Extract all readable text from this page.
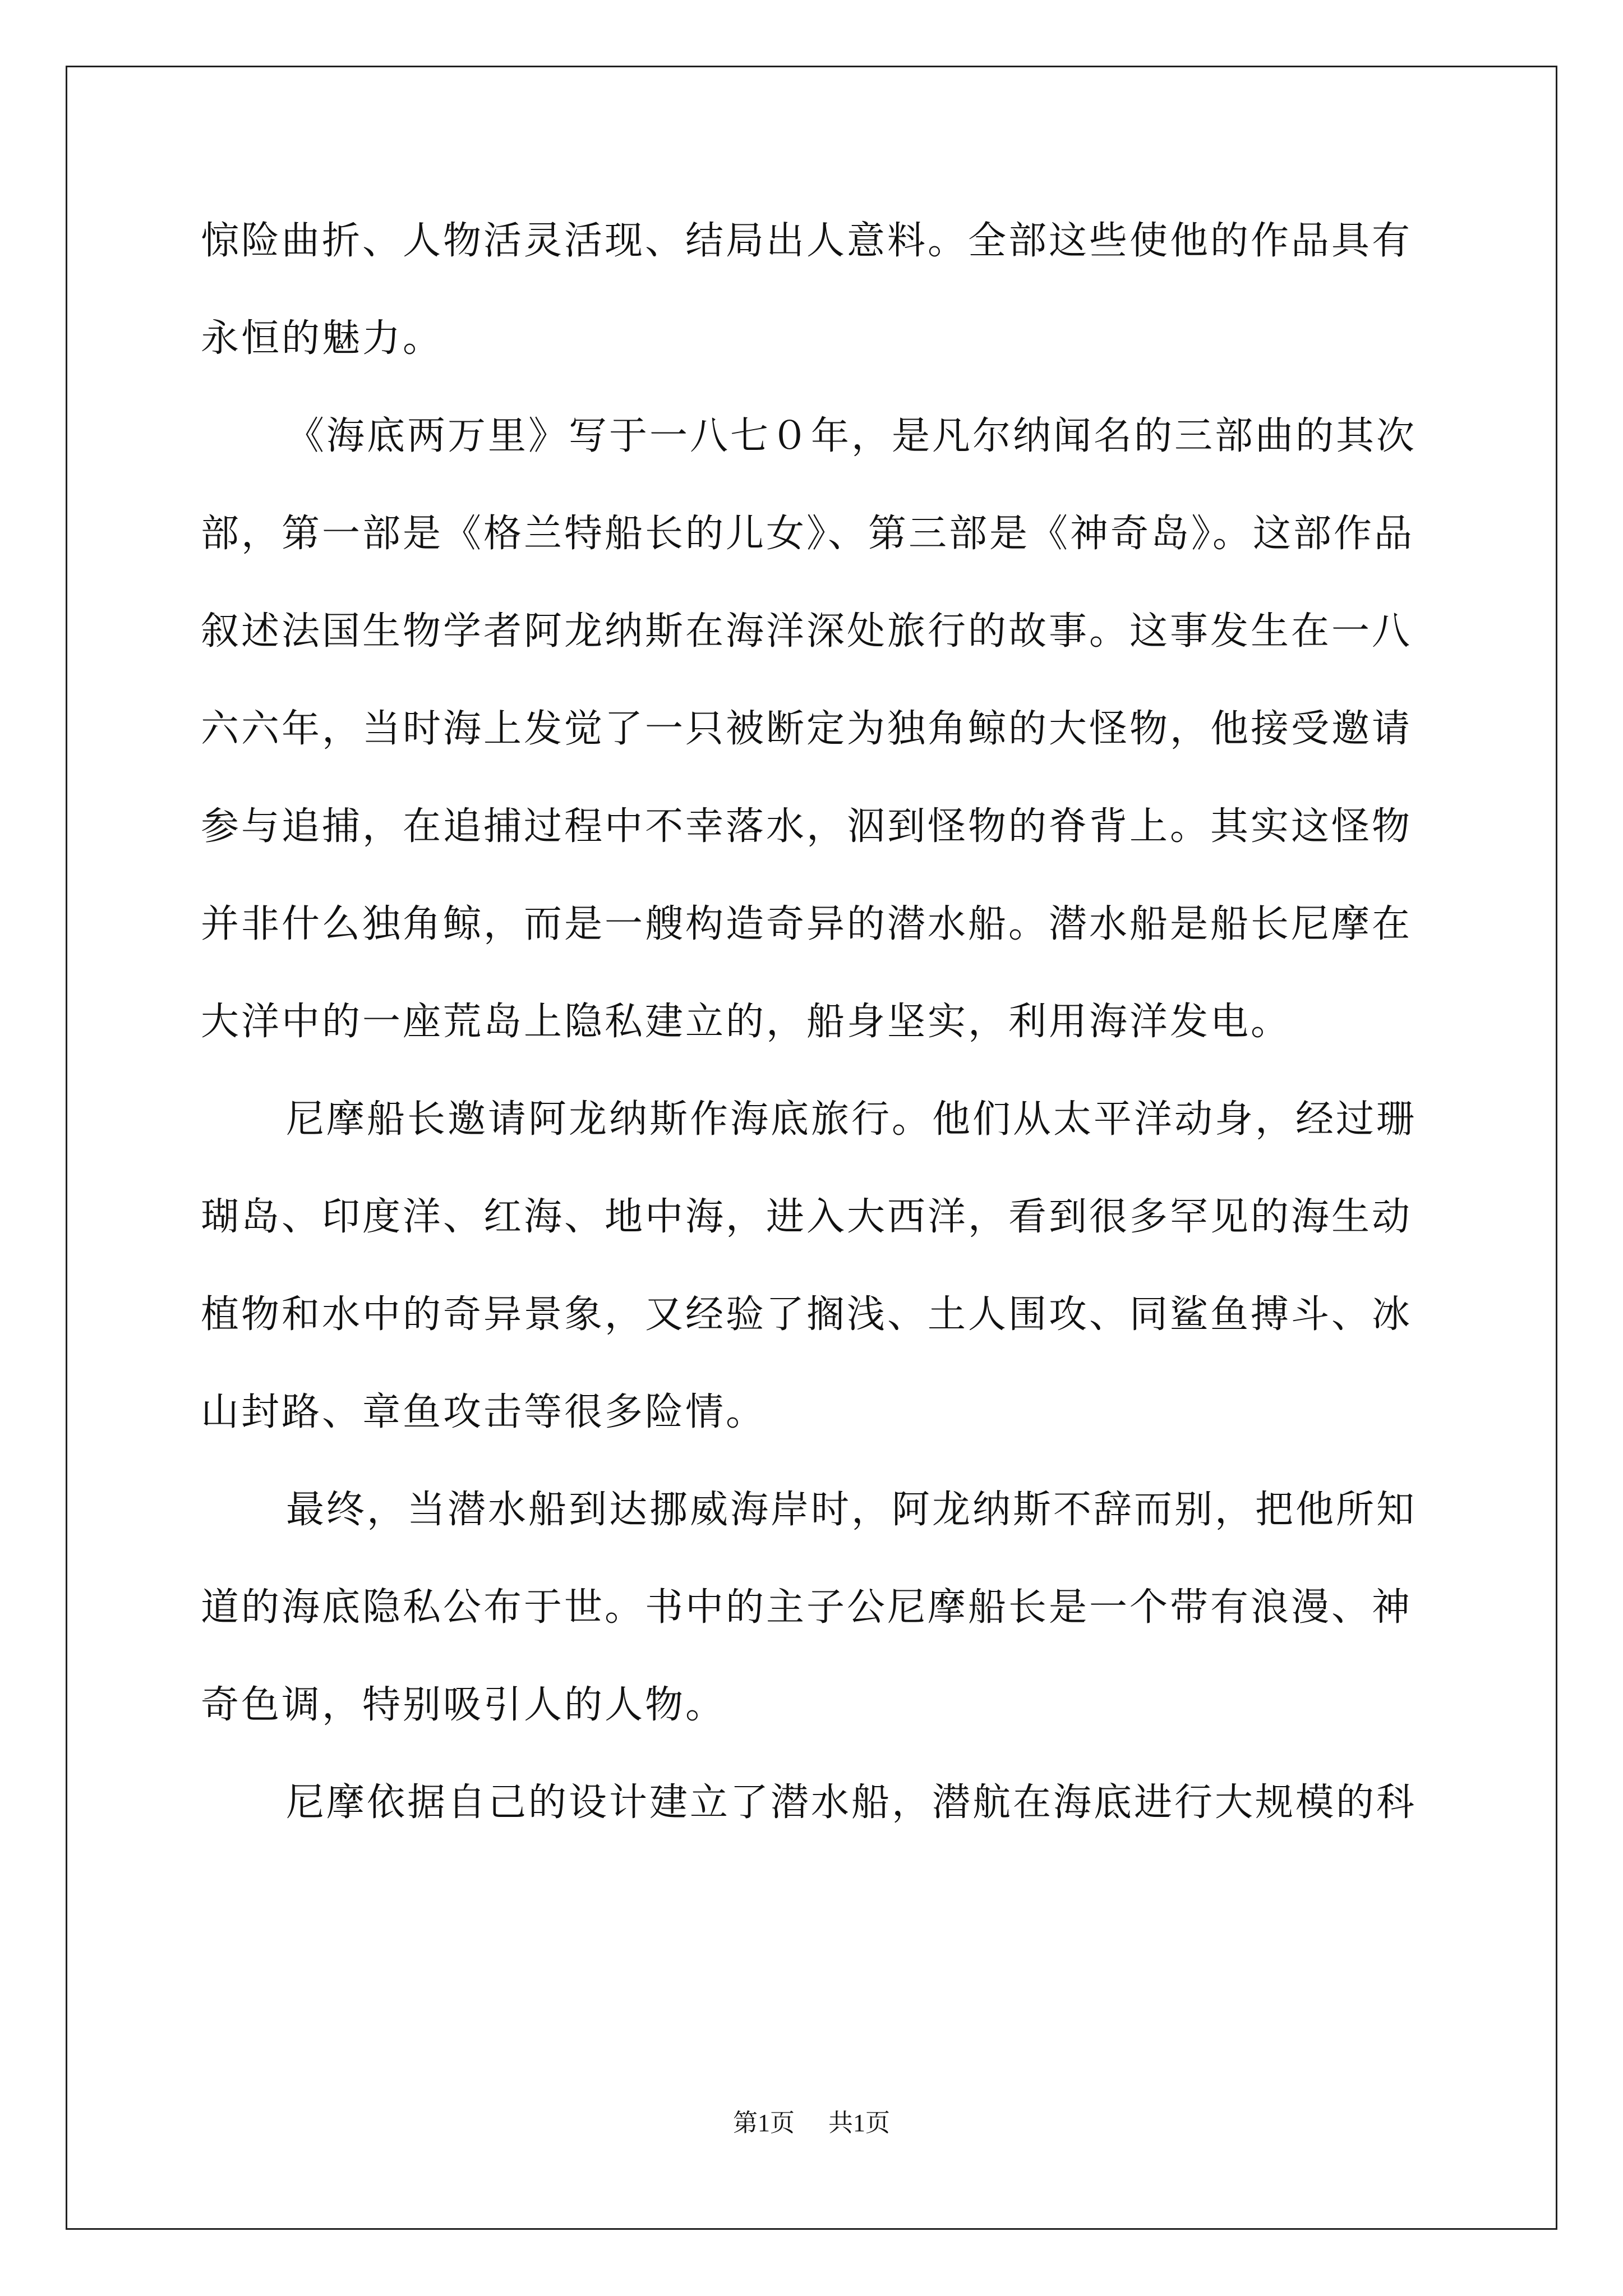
惊险曲折、人物活灵活现、结局出人意料。全部这些使他的作品具有
永恒的魅力。
《海底两万里》写于一八七０年，是凡尔纳闻名的三部曲的其次
部，第一部是《格兰特船长的儿女》、第三部是《神奇岛》。这部作品
叙述法国生物学者阿龙纳斯在海洋深处旅行的故事。这事发生在一八
六六年，当时海上发觉了一只被断定为独角鲸的大怪物，他接受邀请
参与追捕，在追捕过程中不幸落水，泅到怪物的脊背上。其实这怪物
并非什么独角鲸，而是一艘构造奇异的潜水船。潜水船是船长尼摩在
大洋中的一座荒岛上隐私建立的，船身坚实，利用海洋发电。
尼摩船长邀请阿龙纳斯作海底旅行。他们从太平洋动身，经过珊
瑚岛、印度洋、红海、地中海，进入大西洋，看到很多罕见的海生动
植物和水中的奇异景象，又经验了搁浅、土人围攻、同鲨鱼搏斗、冰
山封路、章鱼攻击等很多险情。
最终，当潜水船到达挪威海岸时，阿龙纳斯不辞而别，把他所知
道的海底隐私公布于世。书中的主子公尼摩船长是一个带有浪漫、神
奇色调，特别吸引人的人物。
尼摩依据自己的设计建立了潜水船，潜航在海底进行大规模的科
第1页 共1页
